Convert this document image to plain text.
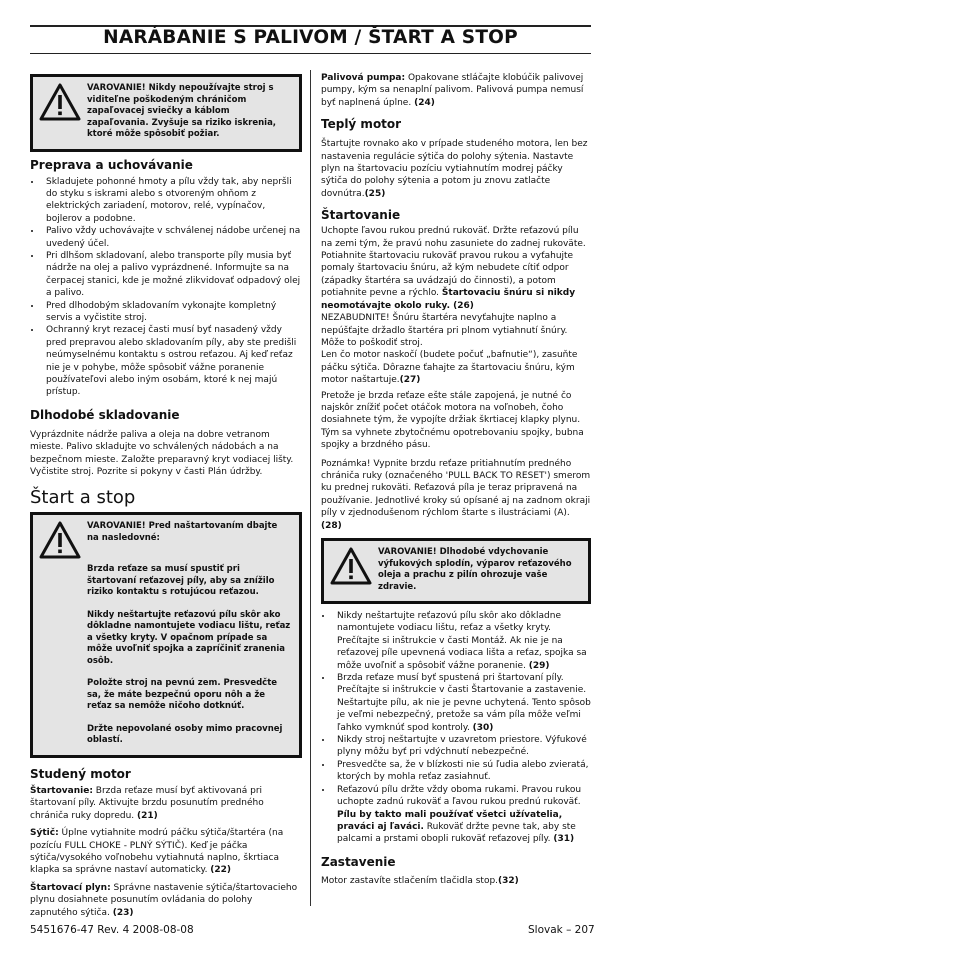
NARÁBANIE S PALIVOM / ŠTART A STOP

VAROVANIE! Nikdy nepoužívajte stroj s viditeľne poškodeným chráničom zapaľovacej sviečky a káblom zapaľovania. Zvyšuje sa riziko iskrenia, ktoré môže spôsobiť požiar.

Preprava a uchovávanie
• Skladujete pohonné hmoty a pílu vždy tak, aby nepršli do styku s iskrami alebo s otvoreným ohňom z elektrických zariadení, motorov, relé, vypínačov, bojlerov a podobne.
• Palivo vždy uchovávajte v schválenej nádobe určenej na uvedený účel.
• Pri dlhšom skladovaní, alebo transporte píly musia byť nádrže na olej a palivo vyprázdnené. Informujte sa na čerpacej stanici, kde je možné zlikvidovať odpadový olej a palivo.
• Pred dlhodobým skladovaním vykonajte kompletný servis a vyčistite stroj.
• Ochranný kryt rezacej časti musí byť nasadený vždy pred prepravou alebo skladovaním píly, aby ste predišli neúmyselnému kontaktu s ostrou reťazou. Aj keď reťaz nie je v pohybe, môže spôsobiť vážne poranenie používateľovi alebo iným osobám, ktoré k nej majú prístup.
Dlhodobé skladovanie

Vyprázdnite nádrže paliva a oleja na dobre vetranom mieste. Palivo skladujte vo schválených nádobách a na bezpečnom mieste. Založte preparavný kryt vodiacej lišty. Vyčistite stroj. Pozrite si pokyny v časti Plán údržby.

Štart a stop

VAROVANIE! Pred naštartovaním dbajte na nasledovné:

Brzda reťaze sa musí spustiť pri štartovaní reťazovej píly, aby sa znížilo riziko kontaktu s rotujúcou reťazou.

Nikdy neštartujte reťazovú pílu skôr ako dôkladne namontujete vodiacu lištu, reťaz a všetky kryty. V opačnom prípade sa môže uvoľniť spojka a zapríčiniť zranenia osôb.

Položte stroj na pevnú zem. Presvedčte sa, že máte bezpečnú oporu nôh a že reťaz sa nemôže ničoho dotknúť.

Držte nepovolané osoby mimo pracovnej oblastí.

Studený motor

Štartovanie: Brzda reťaze musí byť aktivovaná pri štartovaní píly. Aktivujte brzdu posunutím predného chrániča ruky dopredu. (21)

Sýtič: Úplne vytiahnite modrú páčku sýtiča/štartéra (na pozícíu FULL CHOKE - PLNÝ SÝTIČ). Keď je páčka sýtiča/vysokého voľnobehu vytiahnutá naplno, škrtiaca klapka sa správne nastaví automaticky. (22)

Štartovací plyn: Správne nastavenie sýtiča/štartovacieho plynu dosiahnete posunutím ovládania do polohy zapnutého sýtiča. (23)

Palivová pumpa: Opakovane stláčajte klobúčik palivovej pumpy, kým sa nenaplní palivom. Palivová pumpa nemusí byť naplnená úplne. (24)

Teplý motor

Štartujte rovnako ako v prípade studeného motora, len bez nastavenia regulácie sýtiča do polohy sýtenia. Nastavte plyn na štartovaciu pozíciu vytiahnutím modrej páčky sýtiča do polohy sýtenia a potom ju znovu zatlačte dovnútra.(25)

Štartovanie

Uchopte ľavou rukou prednú rukoväť. Držte reťazovú pílu na zemi tým, že pravú nohu zasuniete do zadnej rukoväte. Potiahnite štartovaciu rukoväť pravou rukou a vyťahujte pomaly štartovaciu šnúru, až kým nebudete cítiť odpor (západky štartéra sa uvádzajú do činnosti), a potom potiahnite pevne a rýchlo. Štartovaciu šnúru si nikdy neomotávajte okolo ruky. (26)

NEZABUDNITE! Šnúru štartéra nevyťahujte naplno a nepúšťajte držadlo štartéra pri plnom vytiahnutí šnúry. Môže to poškodiť stroj.

Len čo motor naskočí (budete počuť „bafnutie“), zasuňte páčku sýtiča. Dôrazne ťahajte za štartovaciu šnúru, kým motor naštartuje.(27)

Pretože je brzda reťaze ešte stále zapojená, je nutné čo najskôr znížiť počet otáčok motora na voľnobeh, čoho dosiahnete tým, že vypojíte držiak škrtiacej klapky plynu. Tým sa vyhnete zbytočnému opotrebovaniu spojky, bubna spojky a brzdného pásu.

Poznámka! Vypnite brzdu reťaze pritiahnutím predného chrániča ruky (označeného 'PULL BACK TO RESET') smerom ku prednej rukoväti. Reťazová píla je teraz pripravená na používanie. Jednotlivé kroky sú opísané aj na zadnom okraji píly v zjednodušenom rýchlom štarte s ilustráciami (A). (28)

VAROVANIE! Dlhodobé vdychovanie výfukových splodín, výparov reťazového oleja a prachu z pilín ohrozuje vaše zdravie.

• Nikdy neštartujte reťazovú pílu skôr ako dôkladne namontujete vodiacu lištu, reťaz a všetky kryty. Prečítajte si inštrukcie v časti Montáž. Ak nie je na reťazovej píle upevnená vodiaca lišta a reťaz, spojka sa môže uvoľniť a spôsobiť vážne poranenie. (29)
• Brzda reťaze musí byť spustená pri štartovaní píly. Prečítajte si inštrukcie v časti Štartovanie a zastavenie. Neštartujte pílu, ak nie je pevne uchytená. Tento spôsob je veľmi nebezpečný, pretože sa vám píla môže veľmi ľahko vymknúť spod kontroly. (30)
• Nikdy stroj neštartujte v uzavretom priestore. Výfukové plyny môžu byť pri vdýchnutí nebezpečné.
• Presvedčte sa, že v blízkosti nie sú ľudia alebo zvieratá, ktorých by mohla reťaz zasiahnuť.
• Reťazovú pílu držte vždy oboma rukami. Pravou rukou uchopte zadnú rukoväť a ľavou rukou prednú rukoväť. Pílu by takto mali používať všetci užívatelia, praváci aj ľaváci. Rukoväť držte pevne tak, aby ste palcami a prstami obopli rukoväť reťazovej píly. (31)
Zastavenie

Motor zastavíte stlačením tlačidla stop.(32)

5451676-47 Rev. 4 2008-08-08	Slovak – 207
